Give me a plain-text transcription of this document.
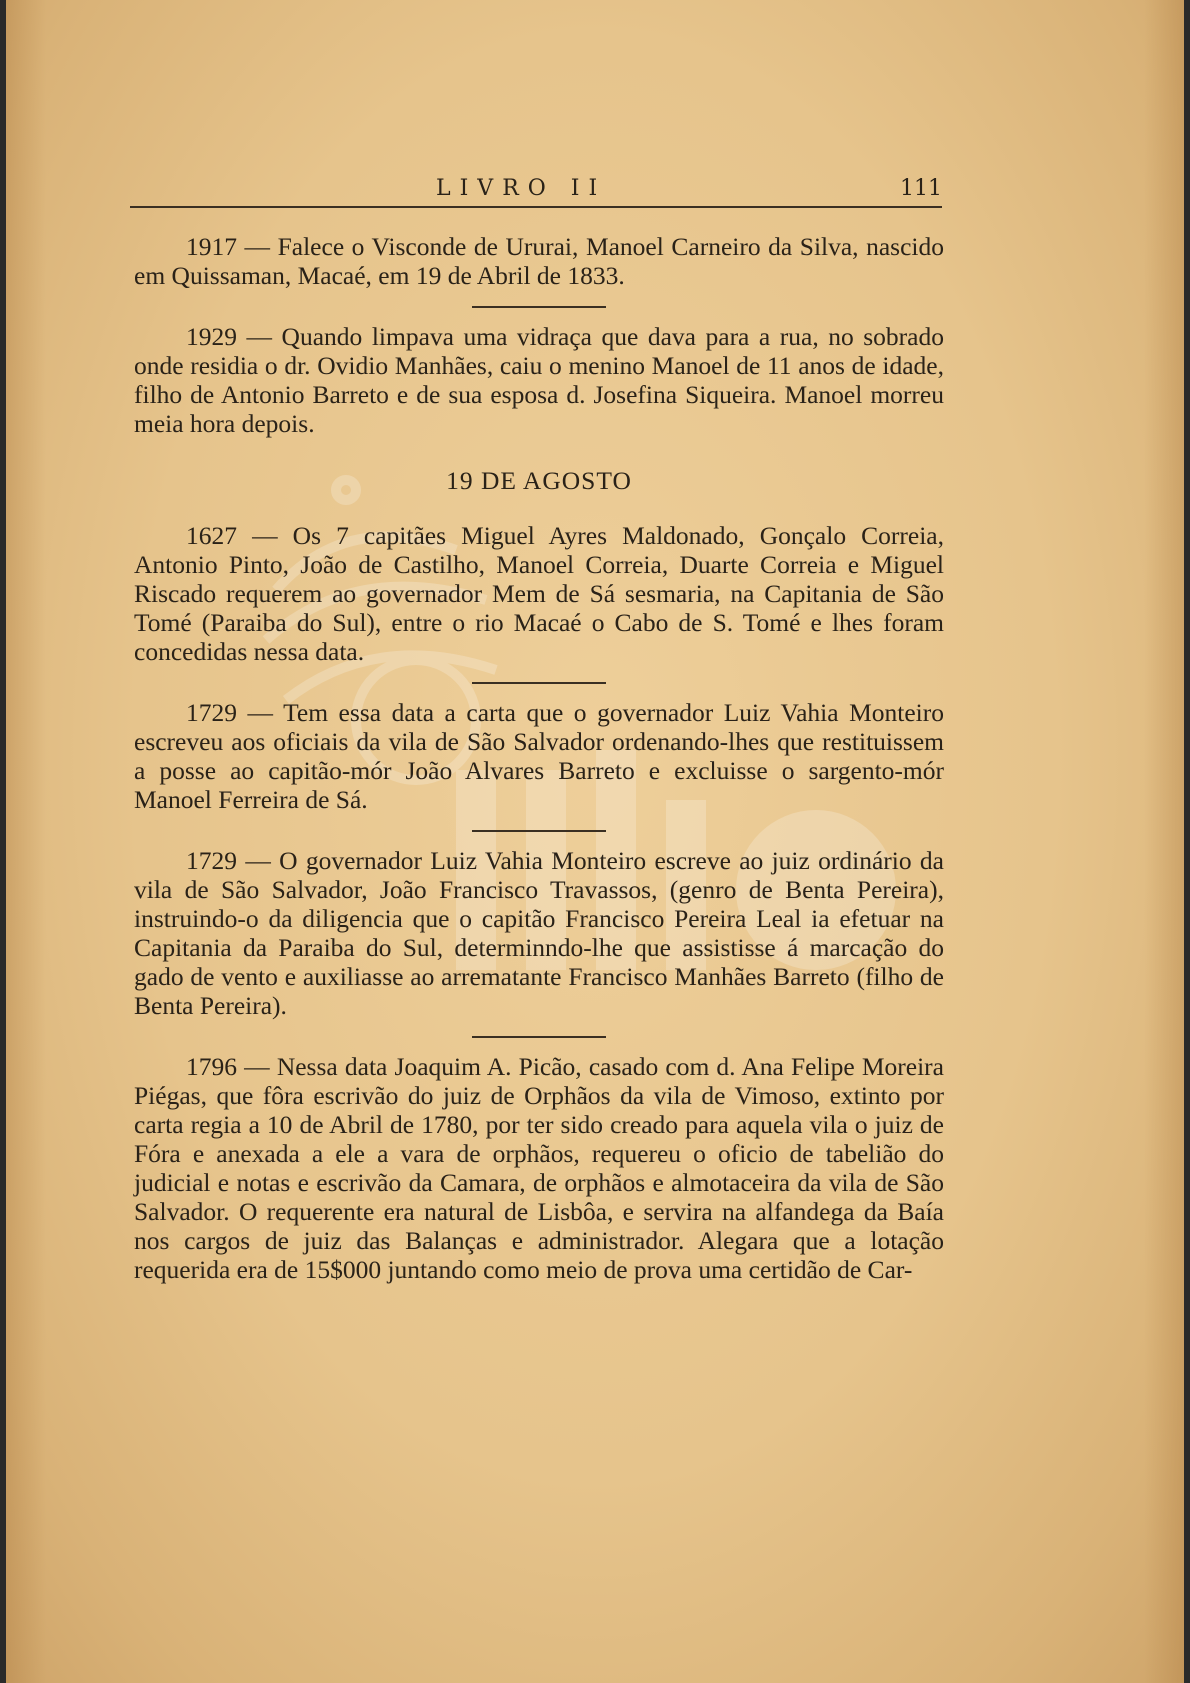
LIVRO II	111

1917 — Falece o Visconde de Ururai, Manoel Carneiro da Silva, nascido em Quissaman, Macaé, em 19 de Abril de 1833.

1929 — Quando limpava uma vidraça que dava para a rua, no sobrado onde residia o dr. Ovidio Manhães, caiu o menino Manoel de 11 anos de idade, filho de Antonio Barreto e de sua esposa d. Josefina Siqueira. Manoel morreu meia hora depois.

19 DE AGOSTO

1627 — Os 7 capitães Miguel Ayres Maldonado, Gonçalo Correia, Antonio Pinto, João de Castilho, Manoel Correia, Duarte Correia e Miguel Riscado requerem ao governador Mem de Sá sesmaria, na Capitania de São Tomé (Paraiba do Sul), entre o rio Macaé o Cabo de S. Tomé e lhes foram concedidas nessa data.

1729 — Tem essa data a carta que o governador Luiz Vahia Monteiro escreveu aos oficiais da vila de São Salvador ordenando-lhes que restituissem a posse ao capitão-mór João Alvares Barreto e excluisse o sargento-mór Manoel Ferreira de Sá.

1729 — O governador Luiz Vahia Monteiro escreve ao juiz ordinário da vila de São Salvador, João Francisco Travassos, (genro de Benta Pereira), instruindo-o da diligencia que o capitão Francisco Pereira Leal ia efetuar na Capitania da Paraiba do Sul, determinndo-lhe que assistisse á marcação do gado de vento e auxiliasse ao arrematante Francisco Manhães Barreto (filho de Benta Pereira).

1796 — Nessa data Joaquim A. Picão, casado com d. Ana Felipe Moreira Piégas, que fôra escrivão do juiz de Orphãos da vila de Vimoso, extinto por carta regia a 10 de Abril de 1780, por ter sido creado para aquela vila o juiz de Fóra e anexada a ele a vara de orphãos, requereu o oficio de tabelião do judicial e notas e escrivão da Camara, de orphãos e almotaceira da vila de São Salvador. O requerente era natural de Lisbôa, e servira na alfandega da Baía nos cargos de juiz das Balanças e administrador. Alegara que a lotação requerida era de 15$000 juntando como meio de prova uma certidão de Car-
